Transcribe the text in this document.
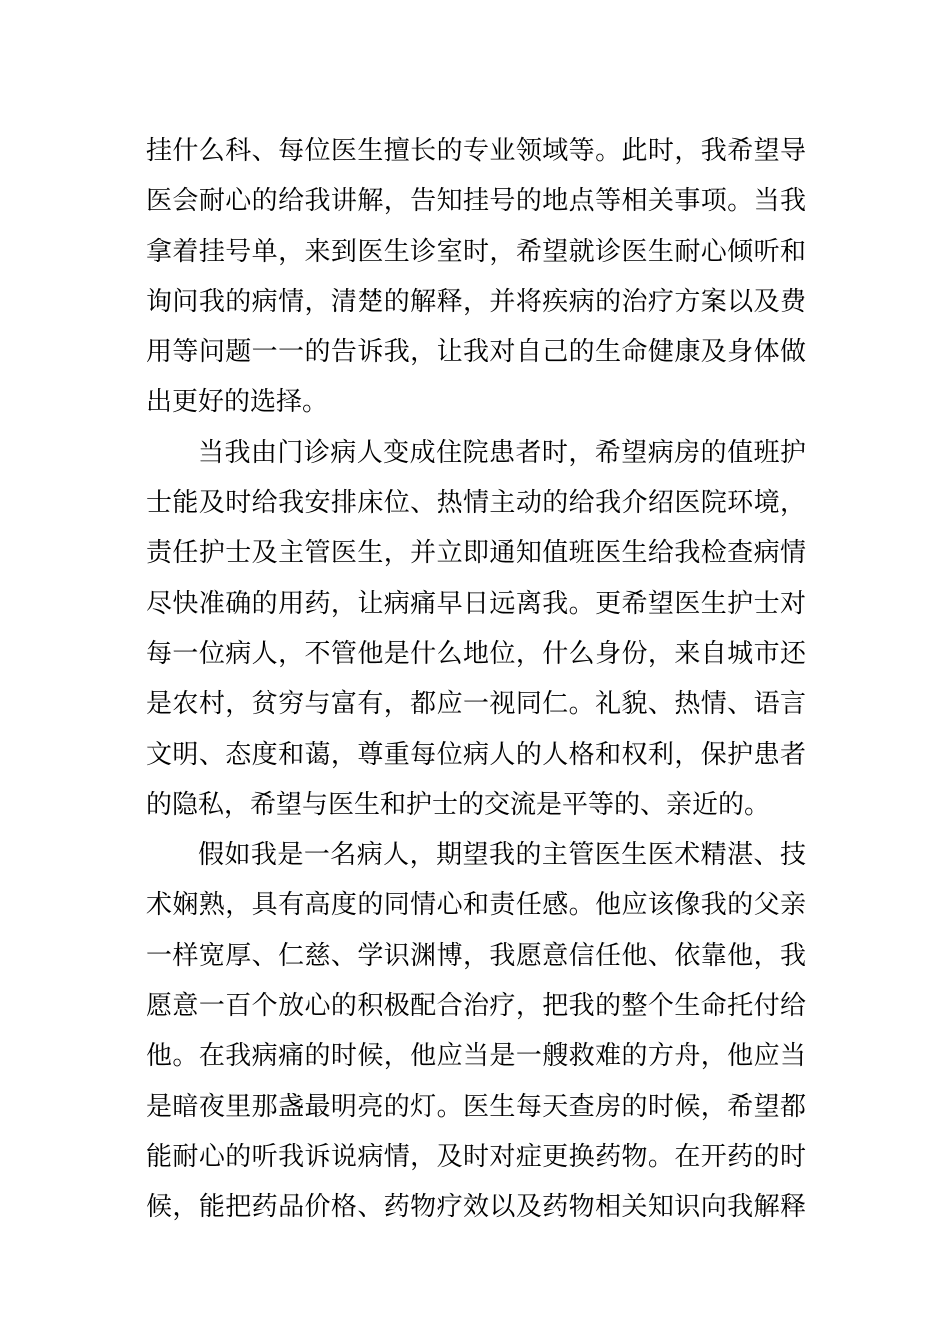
挂什么科、每位医生擅长的专业领域等。此时，我希望导
医会耐心的给我讲解，告知挂号的地点等相关事项。当我
拿着挂号单，来到医生诊室时，希望就诊医生耐心倾听和
询问我的病情，清楚的解释，并将疾病的治疗方案以及费
用等问题一一的告诉我，让我对自己的生命健康及身体做
出更好的选择。
当我由门诊病人变成住院患者时，希望病房的值班护
士能及时给我安排床位、热情主动的给我介绍医院环境，
责任护士及主管医生，并立即通知值班医生给我检查病情
尽快准确的用药，让病痛早日远离我。更希望医生护士对
每一位病人，不管他是什么地位，什么身份，来自城市还
是农村，贫穷与富有，都应一视同仁。礼貌、热情、语言
文明、态度和蔼，尊重每位病人的人格和权利，保护患者
的隐私，希望与医生和护士的交流是平等的、亲近的。
假如我是一名病人，期望我的主管医生医术精湛、技
术娴熟，具有高度的同情心和责任感。他应该像我的父亲
一样宽厚、仁慈、学识渊博，我愿意信任他、依靠他，我
愿意一百个放心的积极配合治疗，把我的整个生命托付给
他。在我病痛的时候，他应当是一艘救难的方舟，他应当
是暗夜里那盏最明亮的灯。医生每天查房的时候，希望都
能耐心的听我诉说病情，及时对症更换药物。在开药的时
候，能把药品价格、药物疗效以及药物相关知识向我解释
